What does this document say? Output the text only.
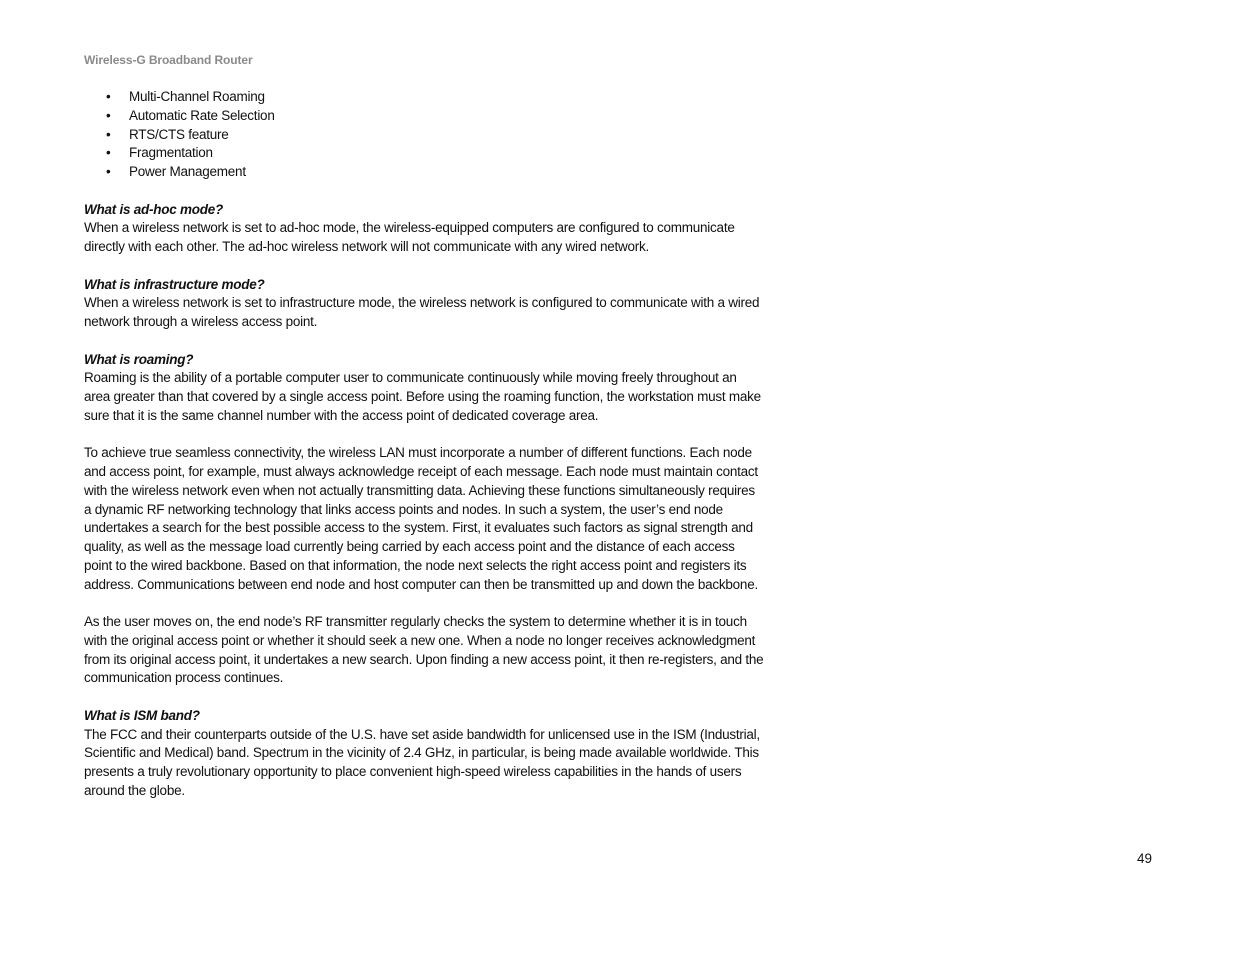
Wireless-G Broadband Router
• Multi-Channel Roaming
• Automatic Rate Selection
• RTS/CTS feature
• Fragmentation
• Power Management

What is ad-hoc mode?

When a wireless network is set to ad-hoc mode, the wireless-equipped computers are configured to communicate directly with each other. The ad-hoc wireless network will not communicate with any wired network.

What is infrastructure mode?

When a wireless network is set to infrastructure mode, the wireless network is configured to communicate with a wired network through a wireless access point.

What is roaming?

Roaming is the ability of a portable computer user to communicate continuously while moving freely throughout an area greater than that covered by a single access point. Before using the roaming function, the workstation must make sure that it is the same channel number with the access point of dedicated coverage area.

To achieve true seamless connectivity, the wireless LAN must incorporate a number of different functions. Each node and access point, for example, must always acknowledge receipt of each message. Each node must maintain contact with the wireless network even when not actually transmitting data. Achieving these functions simultaneously requires a dynamic RF networking technology that links access points and nodes. In such a system, the user’s end node undertakes a search for the best possible access to the system. First, it evaluates such factors as signal strength and quality, as well as the message load currently being carried by each access point and the distance of each access point to the wired backbone. Based on that information, the node next selects the right access point and registers its address. Communications between end node and host computer can then be transmitted up and down the backbone.

As the user moves on, the end node’s RF transmitter regularly checks the system to determine whether it is in touch with the original access point or whether it should seek a new one. When a node no longer receives acknowledgment from its original access point, it undertakes a new search. Upon finding a new access point, it then re-registers, and the communication process continues.

What is ISM band?

The FCC and their counterparts outside of the U.S. have set aside bandwidth for unlicensed use in the ISM (Industrial, Scientific and Medical) band. Spectrum in the vicinity of 2.4 GHz, in particular, is being made available worldwide. This presents a truly revolutionary opportunity to place convenient high-speed wireless capabilities in the hands of users around the globe.

49
